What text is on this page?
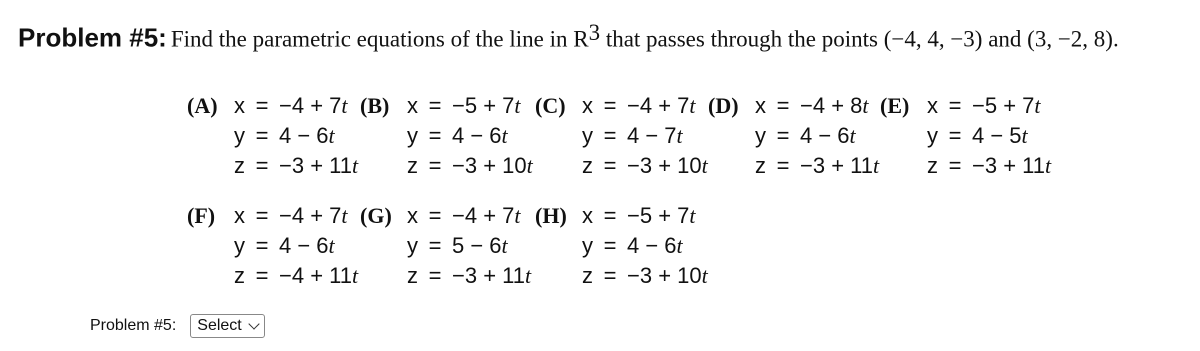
Problem #5: Find the parametric equations of the line in $R^3$ that passes through the points (−4, 4, −3) and (3, −2, 8).
(A) x = −4 + 7t
y = 4 − 6t
z = −3 + 11t
(B) x = −5 + 7t
y = 4 − 6t
z = −3 + 10t
(C) x = −4 + 7t
y = 4 − 7t
z = −3 + 10t
(D) x = −4 + 8t
y = 4 − 6t
z = −3 + 11t
(E) x = −5 + 7t
y = 4 − 5t
z = −3 + 11t
(F) x = −4 + 7t
y = 4 − 6t
z = −4 + 11t
(G) x = −4 + 7t
y = 5 − 6t
z = −3 + 11t
(H) x = −5 + 7t
y = 4 − 6t
z = −3 + 10t
Problem #5: Select
